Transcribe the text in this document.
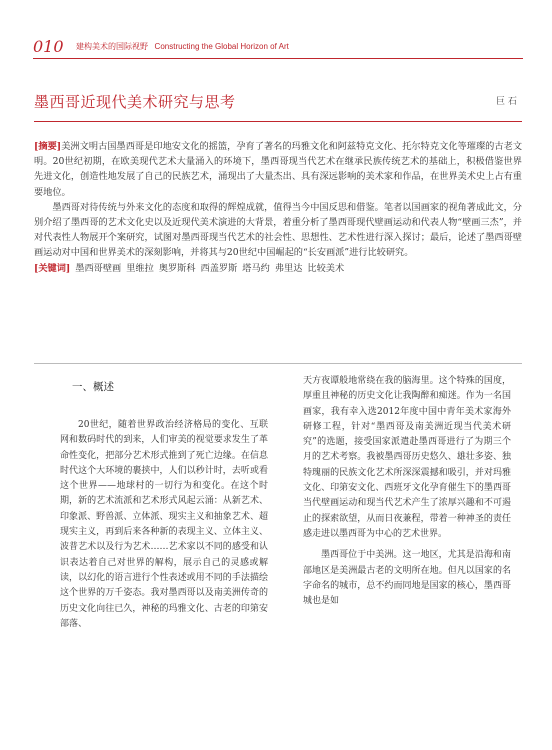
010 建构美术的国际视野 Constructing the Global Horizon of Art
墨西哥近现代美术研究与思考	巨 石

[摘要]美洲文明古国墨西哥是印地安文化的摇篮，孕育了著名的玛雅文化和阿兹特克文化、托尔特克文化等璀璨的古老文明。20世纪初期，在欧美现代艺术大量涌入的环境下，墨西哥现当代艺术在继承民族传统艺术的基础上，积极借鉴世界先进文化，创造性地发展了自己的民族艺术，涌现出了大量杰出、具有深远影响的美术家和作品，在世界美术史上占有重要地位。

墨西哥对待传统与外来文化的态度和取得的辉煌成就，值得当今中国反思和借鉴。笔者以国画家的视角著成此文，分别介绍了墨西哥的艺术文化史以及近现代美术演进的大背景，着重分析了墨西哥现代壁画运动和代表人物“壁画三杰”，并对代表性人物展开个案研究，试图对墨西哥现当代艺术的社会性、思想性、艺术性进行深入探讨；最后，论述了墨西哥壁画运动对中国和世界美术的深刻影响，并将其与20世纪中国崛起的“长安画派”进行比较研究。

[关键词] 墨西哥壁画 里维拉 奥罗斯科 西盖罗斯 塔马约 弗里达 比较美术

一、概述

20世纪，随着世界政治经济格局的变化、互联网和数码时代的到来，人们审美的视觉要求发生了革命性变化，把部分艺术形式推到了死亡边缘。在信息时代这个大环境的裹挟中，人们以秒计时，去听或看这个世界——地球村的一切行为和变化。在这个时期，新的艺术流派和艺术形式风起云涌：从新艺术、印象派、野兽派、立体派、现实主义和抽象艺术、超现实主义，再到后来各种新的表现主义、立体主义、波普艺术以及行为艺术……艺术家以不同的感受和认识表达着自己对世界的解构，展示自己的灵感或解读，以幻化的语言进行个性表述或用不同的手法描绘这个世界的万千姿态。我对墨西哥以及南美洲传奇的历史文化向往已久，神秘的玛雅文化、古老的印第安部落、

天方夜谭般地常绕在我的脑海里。这个特殊的国度，厚重且神秘的历史文化让我陶醉和痴迷。作为一名国画家，我有幸入选2012年度中国中青年美术家海外研修工程，针对“墨西哥及南美洲近现当代美术研究”的选题，接受国家派遣赴墨西哥进行了为期三个月的艺术考察。我被墨西哥历史悠久、雄壮多姿、独特瑰丽的民族文化艺术所深深震撼和吸引，并对玛雅文化、印第安文化、西班牙文化孕育催生下的墨西哥当代壁画运动和现当代艺术产生了浓厚兴趣和不可遏止的探索欲望，从而日夜兼程，带着一种神圣的责任感走进以墨西哥为中心的艺术世界。

墨西哥位于中美洲。这一地区，尤其是沿海和南部地区是美洲最古老的文明所在地。但凡以国家的名字命名的城市，总不约而同地是国家的核心，墨西哥城也是如
